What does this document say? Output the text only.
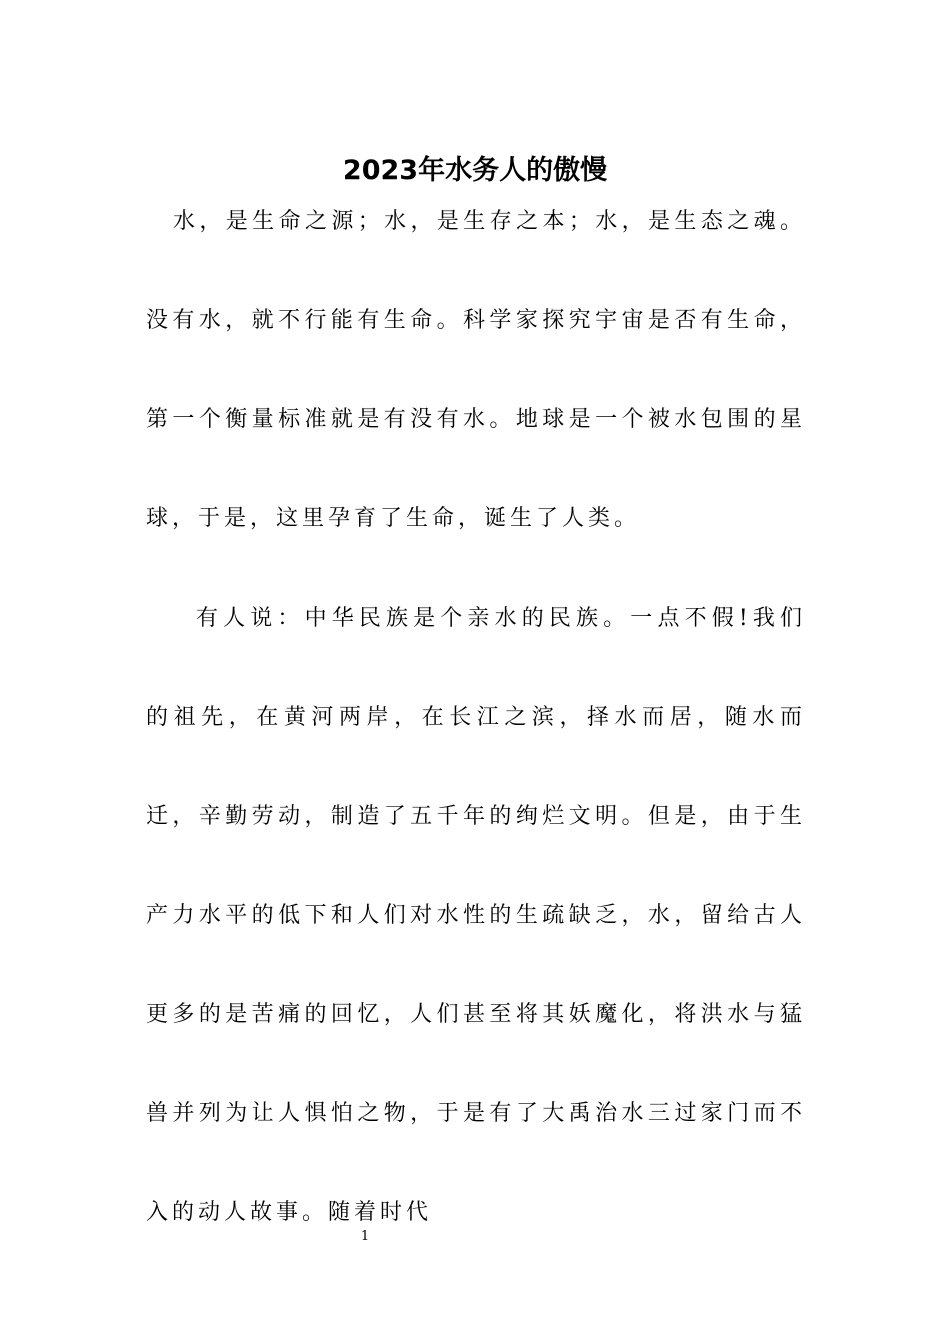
2023年水务人的傲慢

水，是生命之源；水，是生存之本；水，是生态之魂。没有水，就不行能有生命。科学家探究宇宙是否有生命，第一个衡量标准就是有没有水。地球是一个被水包围的星球，于是，这里孕育了生命，诞生了人类。

有人说：中华民族是个亲水的民族。一点不假!我们的祖先，在黄河两岸，在长江之滨，择水而居，随水而迁，辛勤劳动，制造了五千年的绚烂文明。但是，由于生产力水平的低下和人们对水性的生疏缺乏，水，留给古人更多的是苦痛的回忆，人们甚至将其妖魔化，将洪水与猛兽并列为让人惧怕之物，于是有了大禹治水三过家门而不入的动人故事。随着时代

1
